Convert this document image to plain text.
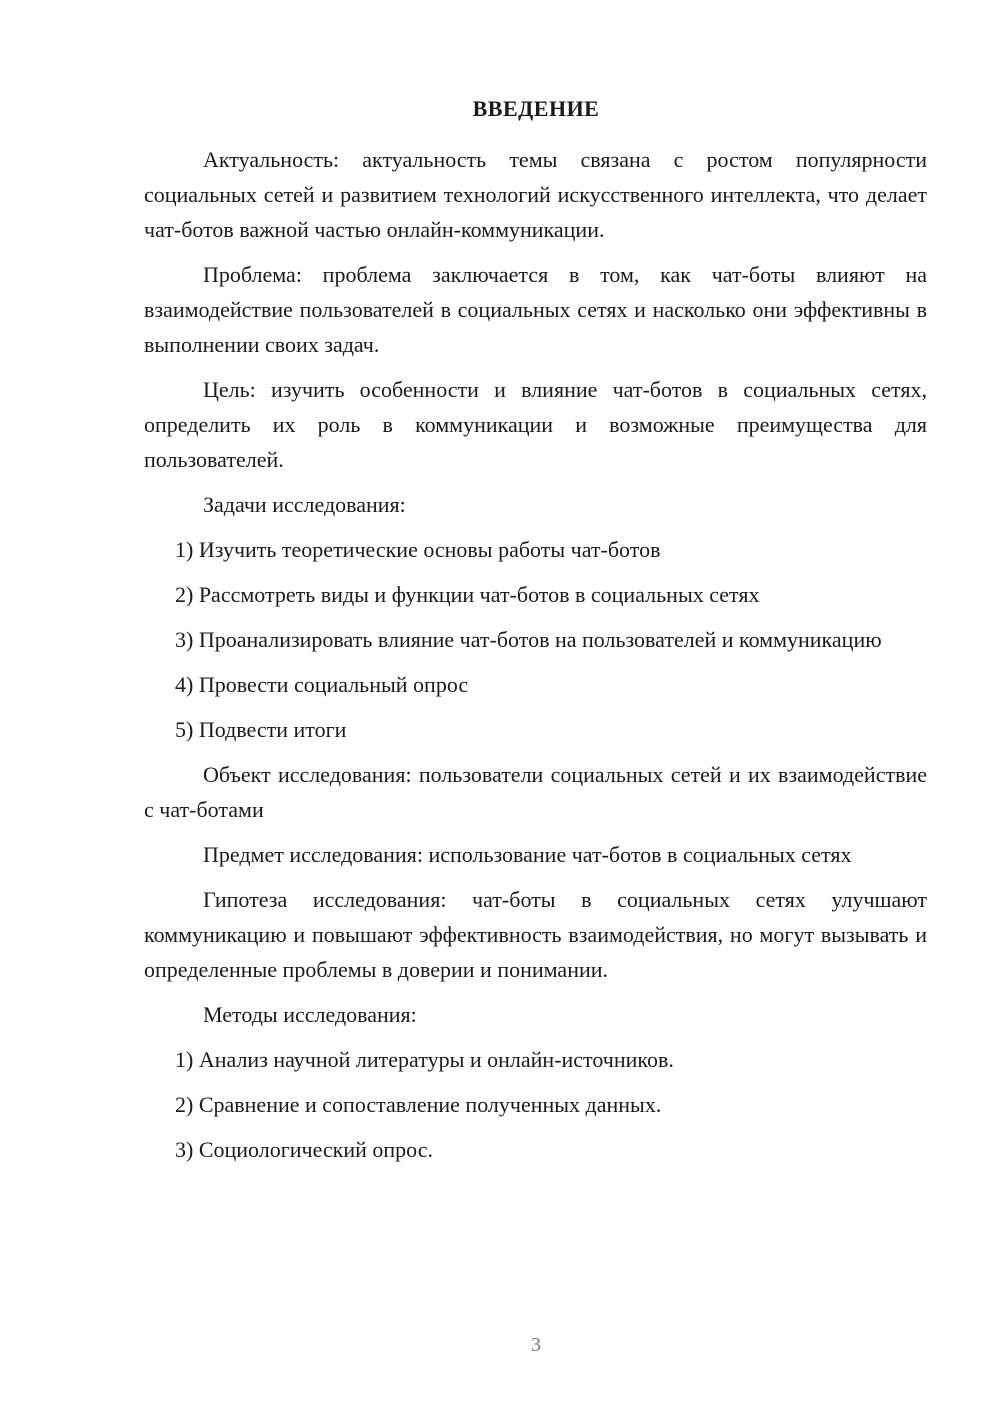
ВВЕДЕНИЕ

Актуальность: актуальность темы связана с ростом популярности социальных сетей и развитием технологий искусственного интеллекта, что делает чат-ботов важной частью онлайн-коммуникации.

Проблема: проблема заключается в том, как чат-боты влияют на взаимодействие пользователей в социальных сетях и насколько они эффективны в выполнении своих задач.

Цель: изучить особенности и влияние чат-ботов в социальных сетях, определить их роль в коммуникации и возможные преимущества для пользователей.

Задачи исследования:

1) Изучить теоретические основы работы чат-ботов

2) Рассмотреть виды и функции чат-ботов в социальных сетях

3) Проанализировать влияние чат-ботов на пользователей и коммуникацию

4) Провести социальный опрос

5) Подвести итоги

Объект исследования: пользователи социальных сетей и их взаимодействие с чат-ботами

Предмет исследования: использование чат-ботов в социальных сетях

Гипотеза исследования: чат-боты в социальных сетях улучшают коммуникацию и повышают эффективность взаимодействия, но могут вызывать и определенные проблемы в доверии и понимании.

Методы исследования:

1) Анализ научной литературы и онлайн-источников.

2) Сравнение и сопоставление полученных данных.

3) Социологический опрос.

3
